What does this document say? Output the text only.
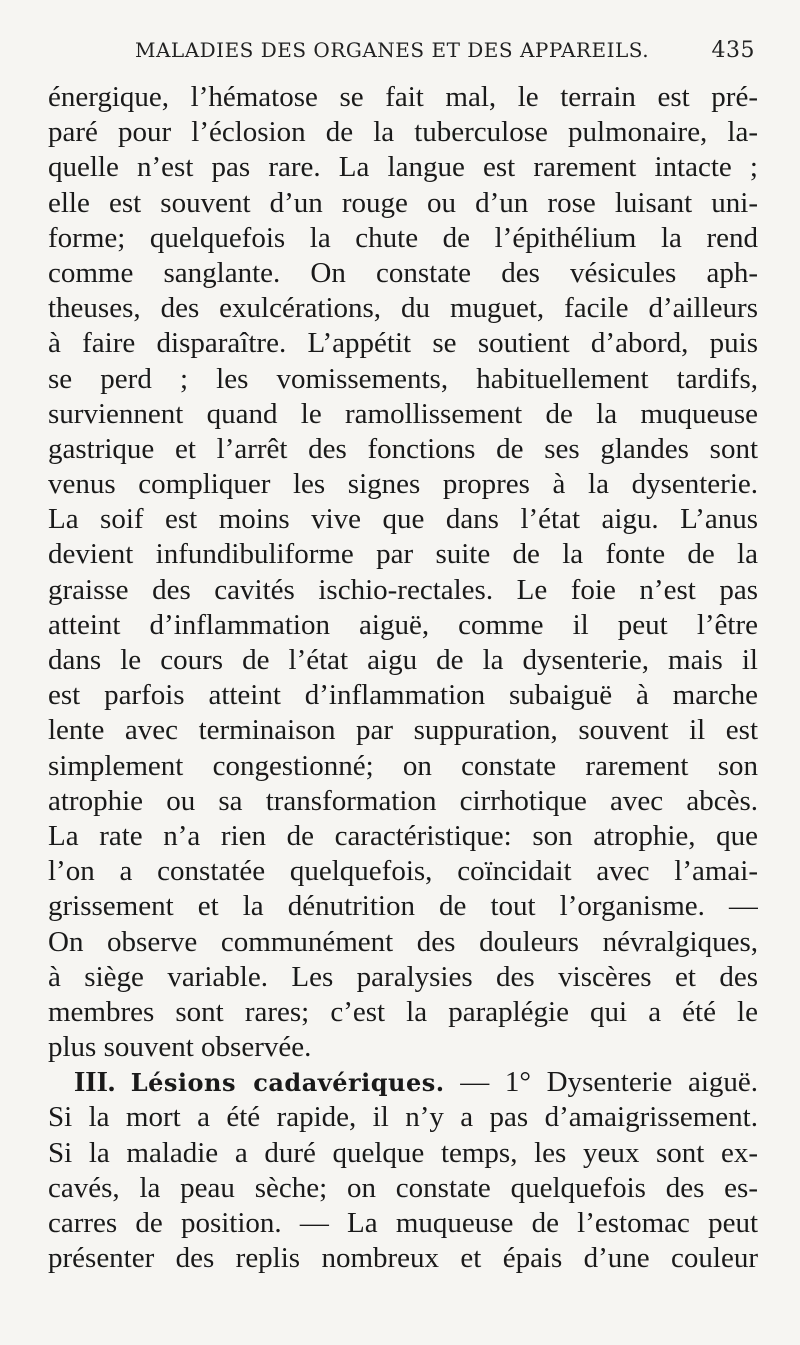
MALADIES DES ORGANES ET DES APPAREILS.	435
énergique, l’hématose se fait mal, le terrain est pré-
paré pour l’éclosion de la tuberculose pulmonaire, la-
quelle n’est pas rare. La langue est rarement intacte ;
elle est souvent d’un rouge ou d’un rose luisant uni-
forme; quelquefois la chute de l’épithélium la rend
comme sanglante. On constate des vésicules aph-
theuses, des exulcérations, du muguet, facile d’ailleurs
à faire disparaître. L’appétit se soutient d’abord, puis
se perd ; les vomissements, habituellement tardifs,
surviennent quand le ramollissement de la muqueuse
gastrique et l’arrêt des fonctions de ses glandes sont
venus compliquer les signes propres à la dysenterie.
La soif est moins vive que dans l’état aigu. L’anus
devient infundibuliforme par suite de la fonte de la
graisse des cavités ischio-rectales. Le foie n’est pas
atteint d’inflammation aiguë, comme il peut l’être
dans le cours de l’état aigu de la dysenterie, mais il
est parfois atteint d’inflammation subaiguë à marche
lente avec terminaison par suppuration, souvent il est
simplement congestionné; on constate rarement son
atrophie ou sa transformation cirrhotique avec abcès.
La rate n’a rien de caractéristique: son atrophie, que
l’on a constatée quelquefois, coïncidait avec l’amai-
grissement et la dénutrition de tout l’organisme. —
On observe communément des douleurs névralgiques,
à siège variable. Les paralysies des viscères et des
membres sont rares; c’est la paraplégie qui a été le
plus souvent observée.
III. Lésions cadavériques. — 1° Dysenterie aiguë.
Si la mort a été rapide, il n’y a pas d’amaigrissement.
Si la maladie a duré quelque temps, les yeux sont ex-
cavés, la peau sèche; on constate quelquefois des es-
carres de position. — La muqueuse de l’estomac peut
présenter des replis nombreux et épais d’une couleur
